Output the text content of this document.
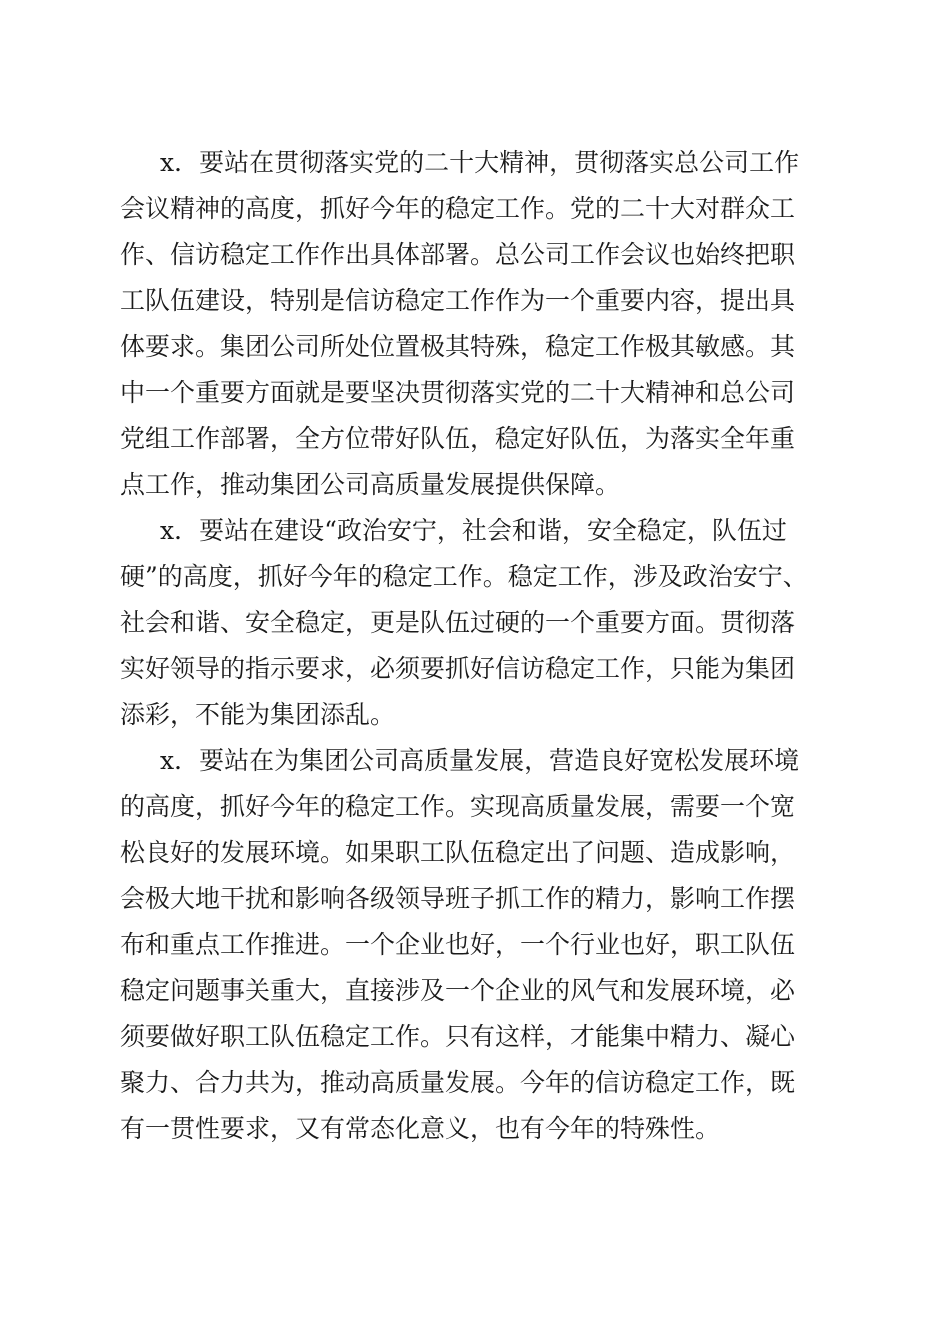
x．要站在贯彻落实党的二十大精神，贯彻落实总公司工作
会议精神的高度，抓好今年的稳定工作。党的二十大对群众工
作、信访稳定工作作出具体部署。总公司工作会议也始终把职
工队伍建设，特别是信访稳定工作作为一个重要内容，提出具
体要求。集团公司所处位置极其特殊，稳定工作极其敏感。其
中一个重要方面就是要坚决贯彻落实党的二十大精神和总公司
党组工作部署，全方位带好队伍，稳定好队伍，为落实全年重
点工作，推动集团公司高质量发展提供保障。

x．要站在建设“政治安宁，社会和谐，安全稳定，队伍过
硬”的高度，抓好今年的稳定工作。稳定工作，涉及政治安宁、
社会和谐、安全稳定，更是队伍过硬的一个重要方面。贯彻落
实好领导的指示要求，必须要抓好信访稳定工作，只能为集团
添彩，不能为集团添乱。

x．要站在为集团公司高质量发展，营造良好宽松发展环境
的高度，抓好今年的稳定工作。实现高质量发展，需要一个宽
松良好的发展环境。如果职工队伍稳定出了问题、造成影响，
会极大地干扰和影响各级领导班子抓工作的精力，影响工作摆
布和重点工作推进。一个企业也好，一个行业也好，职工队伍
稳定问题事关重大，直接涉及一个企业的风气和发展环境，必
须要做好职工队伍稳定工作。只有这样，才能集中精力、凝心
聚力、合力共为，推动高质量发展。今年的信访稳定工作，既
有一贯性要求，又有常态化意义，也有今年的特殊性。
